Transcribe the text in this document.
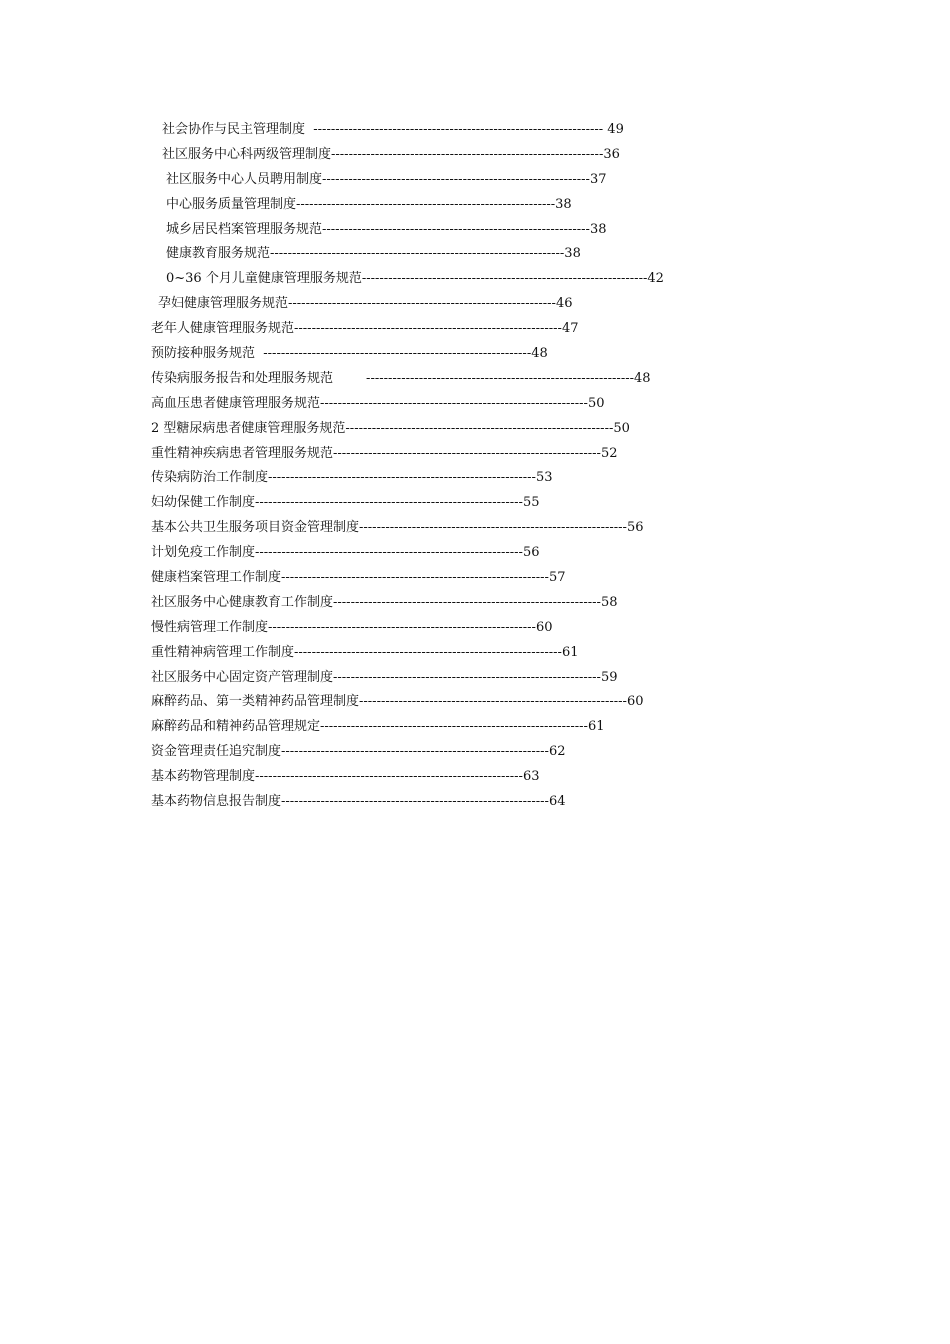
社会协作与民主管理制度  ------------------------------------------------------------------ 49
社区服务中心科两级管理制度--------------------------------------------------------------36
社区服务中心人员聘用制度-------------------------------------------------------------37
中心服务质量管理制度-----------------------------------------------------------38
城乡居民档案管理服务规范-------------------------------------------------------------38
健康教育服务规范-------------------------------------------------------------------38
0~36 个月儿童健康管理服务规范-----------------------------------------------------------------42
孕妇健康管理服务规范-------------------------------------------------------------46
老年人健康管理服务规范-------------------------------------------------------------47
预防接种服务规范  -------------------------------------------------------------48
传染病服务报告和处理服务规范        -------------------------------------------------------------48
高血压患者健康管理服务规范-------------------------------------------------------------50
2 型糖尿病患者健康管理服务规范-------------------------------------------------------------50
重性精神疾病患者管理服务规范-------------------------------------------------------------52
传染病防治工作制度-------------------------------------------------------------53
妇幼保健工作制度-------------------------------------------------------------55
基本公共卫生服务项目资金管理制度-------------------------------------------------------------56
计划免疫工作制度-------------------------------------------------------------56
健康档案管理工作制度-------------------------------------------------------------57
社区服务中心健康教育工作制度-------------------------------------------------------------58
慢性病管理工作制度-------------------------------------------------------------60
重性精神病管理工作制度-------------------------------------------------------------61
社区服务中心固定资产管理制度-------------------------------------------------------------59
麻醉药品、第一类精神药品管理制度-------------------------------------------------------------60
麻醉药品和精神药品管理规定-------------------------------------------------------------61
资金管理责任追究制度-------------------------------------------------------------62
基本药物管理制度-------------------------------------------------------------63
基本药物信息报告制度-------------------------------------------------------------64
